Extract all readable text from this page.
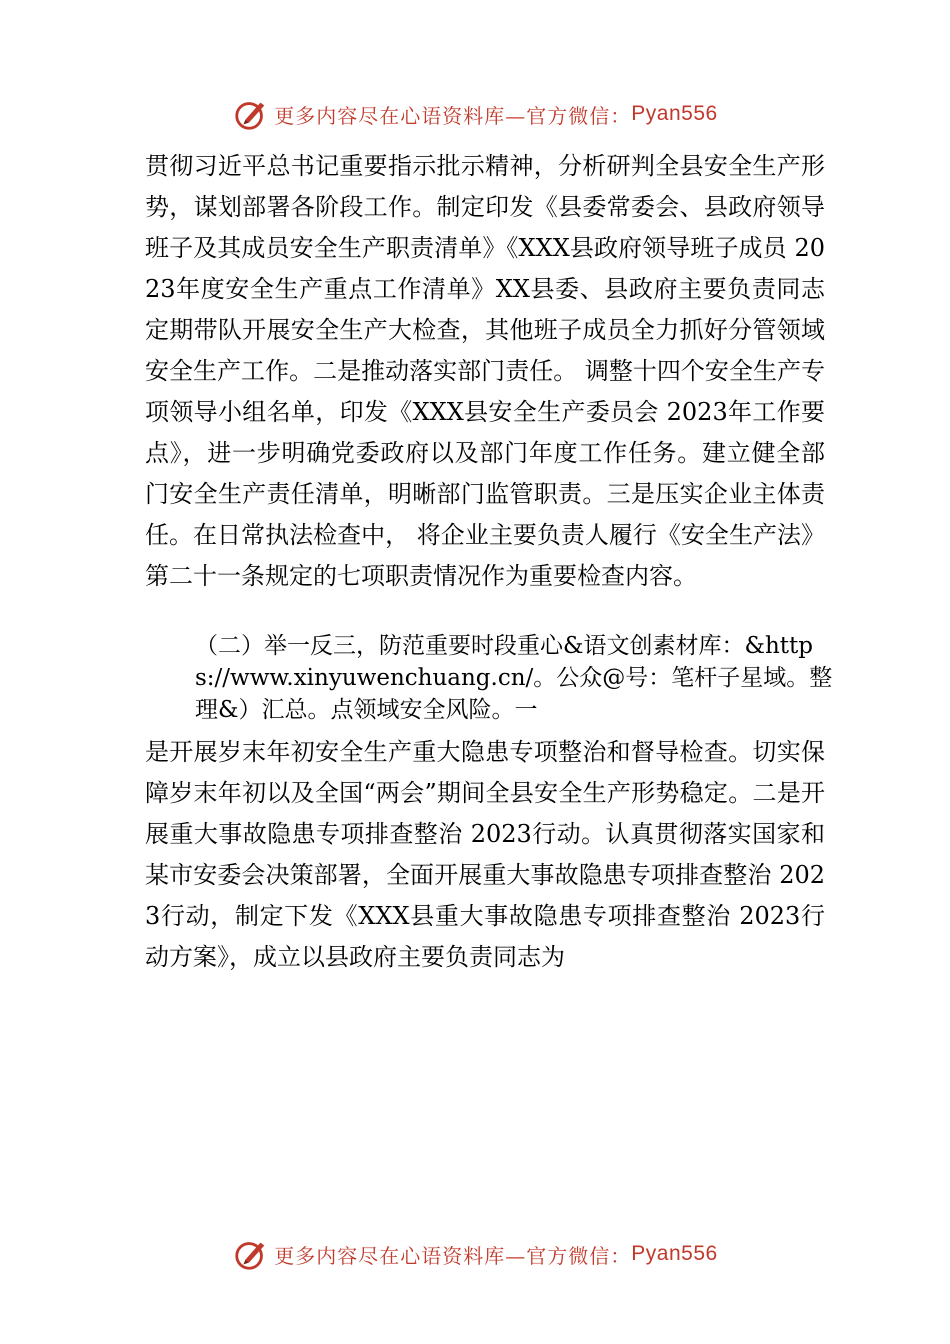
更多内容尽在心语资料库—官方微信： Pyan556

贯彻习近平总书记重要指示批示精神，分析研判全县安全生产形势，谋划部署各阶段工作。制定印发《县委常委会、县政府领导班子及其成员安全生产职责清单》《XXX县政府领导班子成员 2023年度安全生产重点工作清单》XX县委、县政府主要负责同志定期带队开展安全生产大检查，其他班子成员全力抓好分管领域安全生产工作。二是推动落实部门责任。 调整十四个安全生产专项领导小组名单，印发《XXX县安全生产委员会 2023年工作要点》，进一步明确党委政府以及部门年度工作任务。建立健全部门安全生产责任清单，明晰部门监管职责。三是压实企业主体责任。在日常执法检查中， 将企业主要负责人履行《安全生产法》第二十一条规定的七项职责情况作为重要检查内容。

（二）举一反三，防范重要时段重心&语文创素材库：&https://www.xinyuwenchuang.cn/。公众@号：笔杆子星域。整理&）汇总。点领域安全风险。一

是开展岁末年初安全生产重大隐患专项整治和督导检查。切实保障岁末年初以及全国“两会”期间全县安全生产形势稳定。二是开展重大事故隐患专项排查整治 2023行动。认真贯彻落实国家和某市安委会决策部署，全面开展重大事故隐患专项排查整治 2023行动，制定下发《XXX县重大事故隐患专项排查整治 2023行动方案》，成立以县政府主要负责同志为

更多内容尽在心语资料库—官方微信： Pyan556
